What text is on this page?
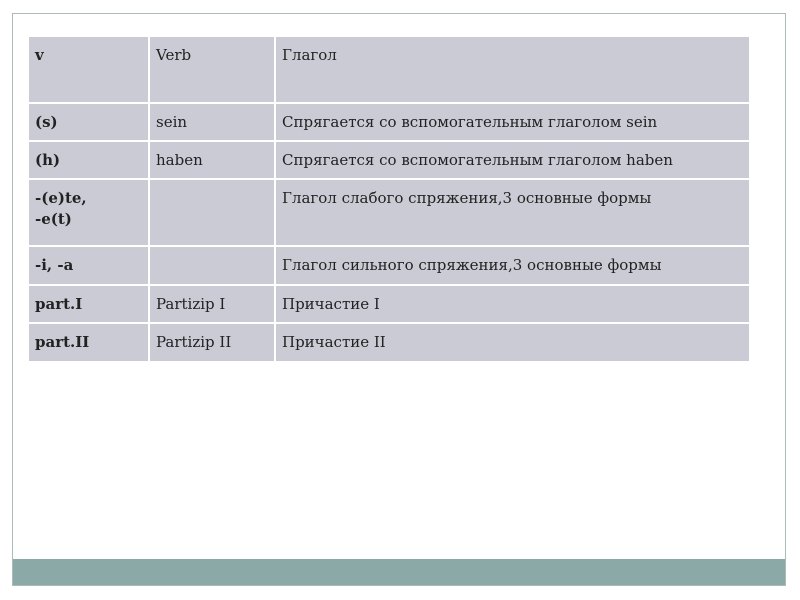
v	Verb	Глагол
(s)	sein	Спрягается со вспомогательным глаголом sein
(h)	haben	Спрягается со вспомогательным глаголом haben
-(e)te,
-e(t)		Глагол слабого спряжения,3 основные формы
-i, -a		Глагол сильного спряжения,3 основные формы
part.I	Partizip I	Причастие I
part.II	Partizip II	Причастие II
